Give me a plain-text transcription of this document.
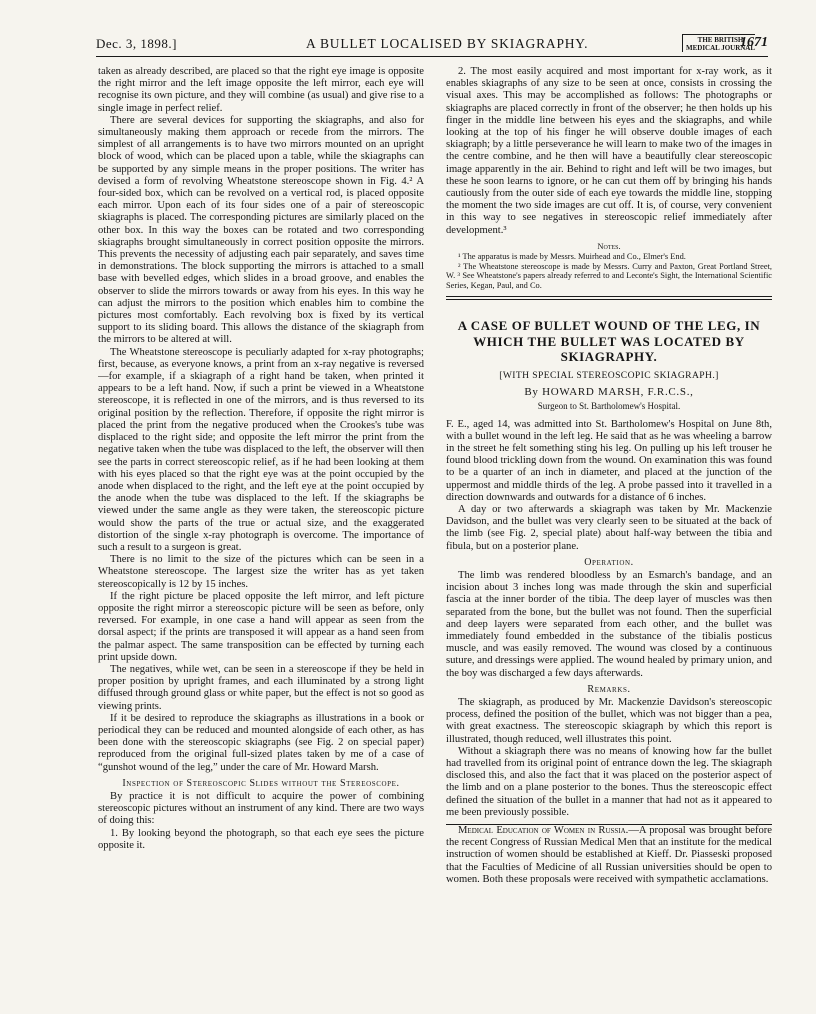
Dec. 3, 1898.]	A BULLET LOCALISED BY SKIAGRAPHY.	THE BRITISH
MEDICAL JOURNAL
1671

taken as already described, are placed so that the right eye image is opposite the right mirror and the left image opposite the left mirror, each eye will recognise its own picture, and they will combine (as usual) and give rise to a single image in perfect relief.

There are several devices for supporting the skiagraphs, and also for simultaneously making them approach or recede from the mirrors. The simplest of all arrangements is to have two mirrors mounted on an upright block of wood, which can be placed upon a table, while the skiagraphs can be supported by any simple means in the proper positions. The writer has devised a form of revolving Wheatstone stereoscope shown in Fig. 4.² A four-sided box, which can be revolved on a vertical rod, is placed opposite each mirror. Upon each of its four sides one of a pair of stereoscopic skiagraphs is placed. The corresponding pictures are similarly placed on the other box. In this way the boxes can be rotated and two corresponding skiagraphs brought simultaneously in correct position opposite the mirrors. This prevents the necessity of adjusting each pair separately, and saves time in demonstrations. The block supporting the mirrors is attached to a small base with bevelled edges, which slides in a broad groove, and enables the observer to slide the mirrors towards or away from his eyes. In this way he can adjust the mirrors to the position which enables him to combine the pictures most comfortably. Each revolving box is fixed by its vertical support to its sliding board. This allows the distance of the skiagraph from the mirrors to be altered at will.

The Wheatstone stereoscope is peculiarly adapted for x-ray photographs; first, because, as everyone knows, a print from an x-ray negative is reversed—for example, if a skiagraph of a right hand be taken, when printed it appears to be a left hand. Now, if such a print be viewed in a Wheatstone stereoscope, it is reflected in one of the mirrors, and is thus reversed to its original position by the reflection. Therefore, if opposite the right mirror is placed the print from the negative produced when the Crookes's tube was displaced to the right side; and opposite the left mirror the print from the negative taken when the tube was displaced to the left, the observer will then see the parts in correct stereoscopic relief, as if he had been looking at them with his eyes placed so that the right eye was at the point occupied by the anode when displaced to the right, and the left eye at the point occupied by the anode when the tube was displaced to the left. If the skiagraphs be viewed under the same angle as they were taken, the stereoscopic picture would show the parts of the true or actual size, and the exaggerated distortion of the single x-ray photograph is overcome. The importance of such a result to a surgeon is great.

There is no limit to the size of the pictures which can be seen in a Wheatstone stereoscope. The largest size the writer has as yet taken stereoscopically is 12 by 15 inches.

If the right picture be placed opposite the left mirror, and left picture opposite the right mirror a stereoscopic picture will be seen as before, only reversed. For example, in one case a hand will appear as seen from the dorsal aspect; if the prints are transposed it will appear as a hand seen from the palmar aspect. The same transposition can be effected by turning each print upside down.

The negatives, while wet, can be seen in a stereoscope if they be held in proper position by upright frames, and each illuminated by a strong light diffused through ground glass or white paper, but the effect is not so good as viewing prints.

If it be desired to reproduce the skiagraphs as illustrations in a book or periodical they can be reduced and mounted alongside of each other, as has been done with the stereoscopic skiagraphs (see Fig. 2 on special paper) reproduced from the original full-sized plates taken by me of a case of “gunshot wound of the leg,” under the care of Mr. Howard Marsh.

Inspection of Stereoscopic Slides without the Stereoscope.

By practice it is not difficult to acquire the power of combining stereoscopic pictures without an instrument of any kind. There are two ways of doing this:

1. By looking beyond the photograph, so that each eye sees the picture opposite it.

2. The most easily acquired and most important for x-ray work, as it enables skiagraphs of any size to be seen at once, consists in crossing the visual axes. This may be accomplished as follows: The photographs or skiagraphs are placed correctly in front of the observer; he then holds up his finger in the middle line between his eyes and the skiagraphs, and while looking at the top of his finger he will observe double images of each skiagraph; by a little perseverance he will learn to make two of the images in the centre combine, and he then will have a beautifully clear stereoscopic image apparently in the air. Behind to right and left will be two images, but these he soon learns to ignore, or he can cut them off by bringing his hands cautiously from the outer side of each eye towards the middle line, stopping the moment the two side images are cut off. It is, of course, very convenient in this way to see negatives in stereoscopic relief immediately after development.³

Notes.

¹ The apparatus is made by Messrs. Muirhead and Co., Elmer's End.

² The Wheatstone stereoscope is made by Messrs. Curry and Paxton, Great Portland Street, W. ³ See Wheatstone's papers already referred to and Leconte's Sight, the International Scientific Series, Kegan, Paul, and Co.

A CASE OF BULLET WOUND OF THE LEG, IN WHICH THE BULLET WAS LOCATED BY SKIAGRAPHY.
[WITH SPECIAL STEREOSCOPIC SKIAGRAPH.]
By HOWARD MARSH, F.R.C.S.,
Surgeon to St. Bartholomew's Hospital.

F. E., aged 14, was admitted into St. Bartholomew's Hospital on June 8th, with a bullet wound in the left leg. He said that as he was wheeling a barrow in the street he felt something sting his leg. On pulling up his left trouser he found blood trickling down from the wound. On examination this was found to be a quarter of an inch in diameter, and placed at the junction of the uppermost and middle thirds of the leg. A probe passed into it travelled in a direction downwards and outwards for a distance of 6 inches.

A day or two afterwards a skiagraph was taken by Mr. Mackenzie Davidson, and the bullet was very clearly seen to be situated at the back of the limb (see Fig. 2, special plate) about half-way between the tibia and fibula, but on a posterior plane.

Operation.

The limb was rendered bloodless by an Esmarch's bandage, and an incision about 3 inches long was made through the skin and superficial fascia at the inner border of the tibia. The deep layer of muscles was then separated from the bone, but the bullet was not found. Then the superficial and deep layers were separated from each other, and the bullet was immediately found embedded in the substance of the tibialis posticus muscle, and was easily removed. The wound was closed by a continuous suture, and dressings were applied. The wound healed by primary union, and the boy was discharged a few days afterwards.

Remarks.

The skiagraph, as produced by Mr. Mackenzie Davidson's stereoscopic process, defined the position of the bullet, which was not bigger than a pea, with great exactness. The stereoscopic skiagraph by which this report is illustrated, though reduced, well illustrates this point.

Without a skiagraph there was no means of knowing how far the bullet had travelled from its original point of entrance down the leg. The skiagraph disclosed this, and also the fact that it was placed on the posterior aspect of the limb and on a plane posterior to the bones. Thus the stereoscopic effect defined the situation of the bullet in a manner that had not as it appeared to me been previously possible.

Medical Education of Women in Russia.—A proposal was brought before the recent Congress of Russian Medical Men that an institute for the medical instruction of women should be established at Kieff. Dr. Piasseski proposed that the Faculties of Medicine of all Russian universities should be open to women. Both these proposals were received with sympathetic acclamations.
